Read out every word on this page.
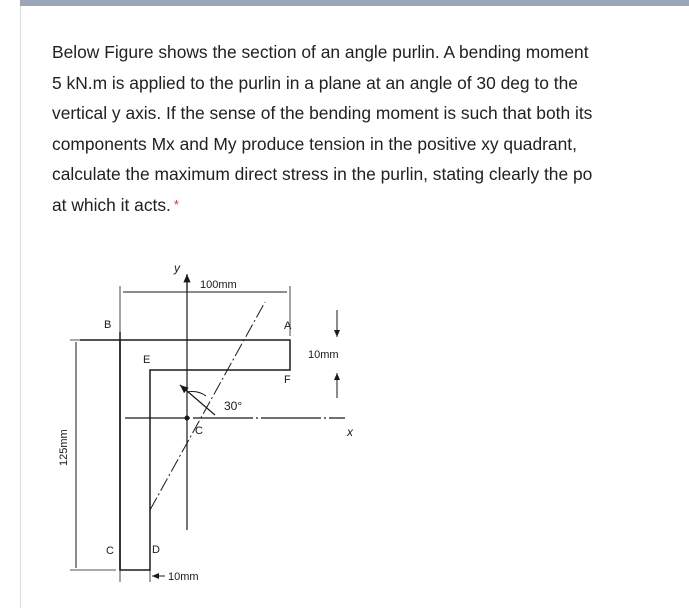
Below Figure shows the section of an angle purlin. A bending moment
5 kN.m is applied to the purlin in a plane at an angle of 30 deg to the
vertical y axis. If the sense of the bending moment is such that both its
components Mx and My produce tension in the positive xy quadrant,
calculate the maximum direct stress in the purlin, stating clearly the po
at which it acts. *
y
x
30°
C
100mm
10mm
125mm
10mm
B	A
E
F
C	D
